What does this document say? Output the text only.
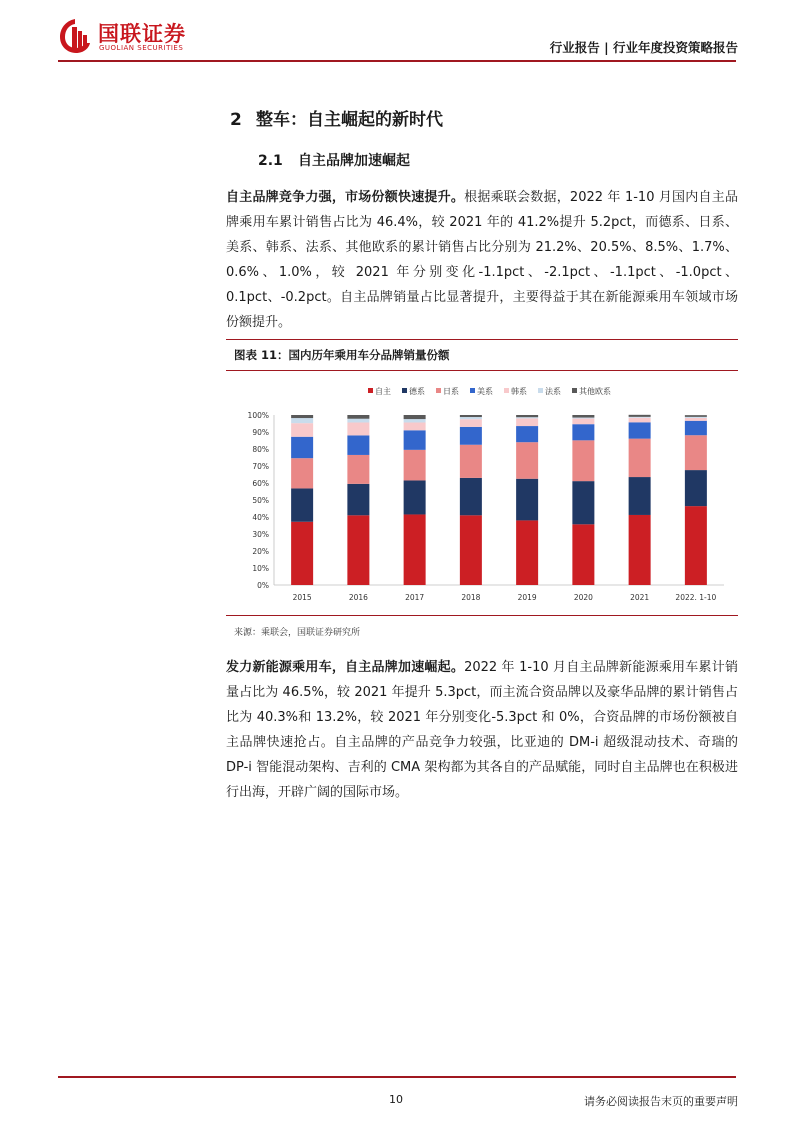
国联证券
GUOLIAN SECURITIES	行业报告 | 行业年度投资策略报告
2 整车：自主崛起的新时代
2.1 自主品牌加速崛起
自主品牌竞争力强，市场份额快速提升。根据乘联会数据，2022 年 1-10 月国内自主品牌乘用车累计销售占比为 46.4%，较 2021 年的 41.2%提升 5.2pct，而德系、日系、美系、韩系、法系、其他欧系的累计销售占比分别为 21.2%、20.5%、8.5%、1.7%、0.6%、1.0%，较 2021 年分别变化-1.1pct、-2.1pct、-1.1pct、-1.0pct、0.1pct、-0.2pct。自主品牌销量占比显著提升，主要得益于其在新能源乘用车领域市场份额提升。
图表 11：国内历年乘用车分品牌销量份额
自主 德系 日系 美系 韩系 法系 其他欧系
0%
10%
20%
30%
40%
50%
60%
70%
80%
90%
100%
2015	2016	2017	2018	2019	2020	2021	2022. 1-10
来源：乘联会，国联证券研究所
发力新能源乘用车，自主品牌加速崛起。2022 年 1-10 月自主品牌新能源乘用车累计销量占比为 46.5%，较 2021 年提升 5.3pct，而主流合资品牌以及豪华品牌的累计销售占比为 40.3%和 13.2%，较 2021 年分别变化-5.3pct 和 0%，合资品牌的市场份额被自主品牌快速抢占。自主品牌的产品竞争力较强，比亚迪的 DM-i 超级混动技术、奇瑞的 DP-i 智能混动架构、吉利的 CMA 架构都为其各自的产品赋能，同时自主品牌也在积极进行出海，开辟广阔的国际市场。
10	请务必阅读报告末页的重要声明
